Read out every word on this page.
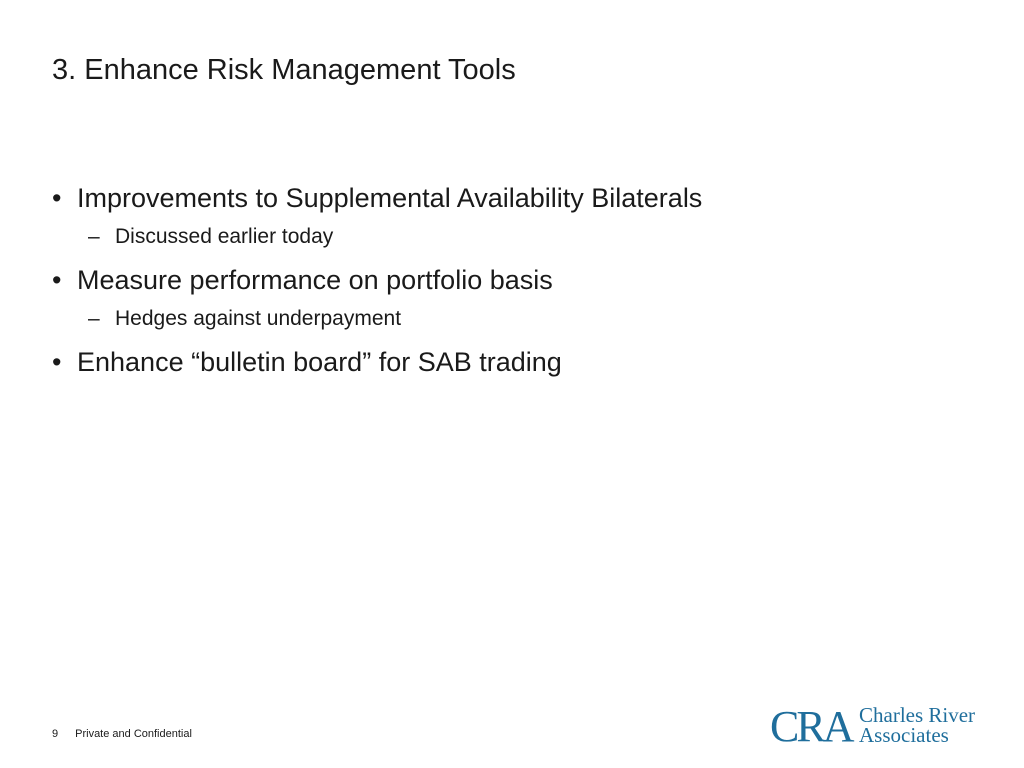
3. Enhance Risk Management Tools
• Improvements to Supplemental Availability Bilaterals
– Discussed earlier today
• Measure performance on portfolio basis
– Hedges against underpayment
• Enhance “bulletin board” for SAB trading
9 Private and Confidential	CRA Charles River
Associates
